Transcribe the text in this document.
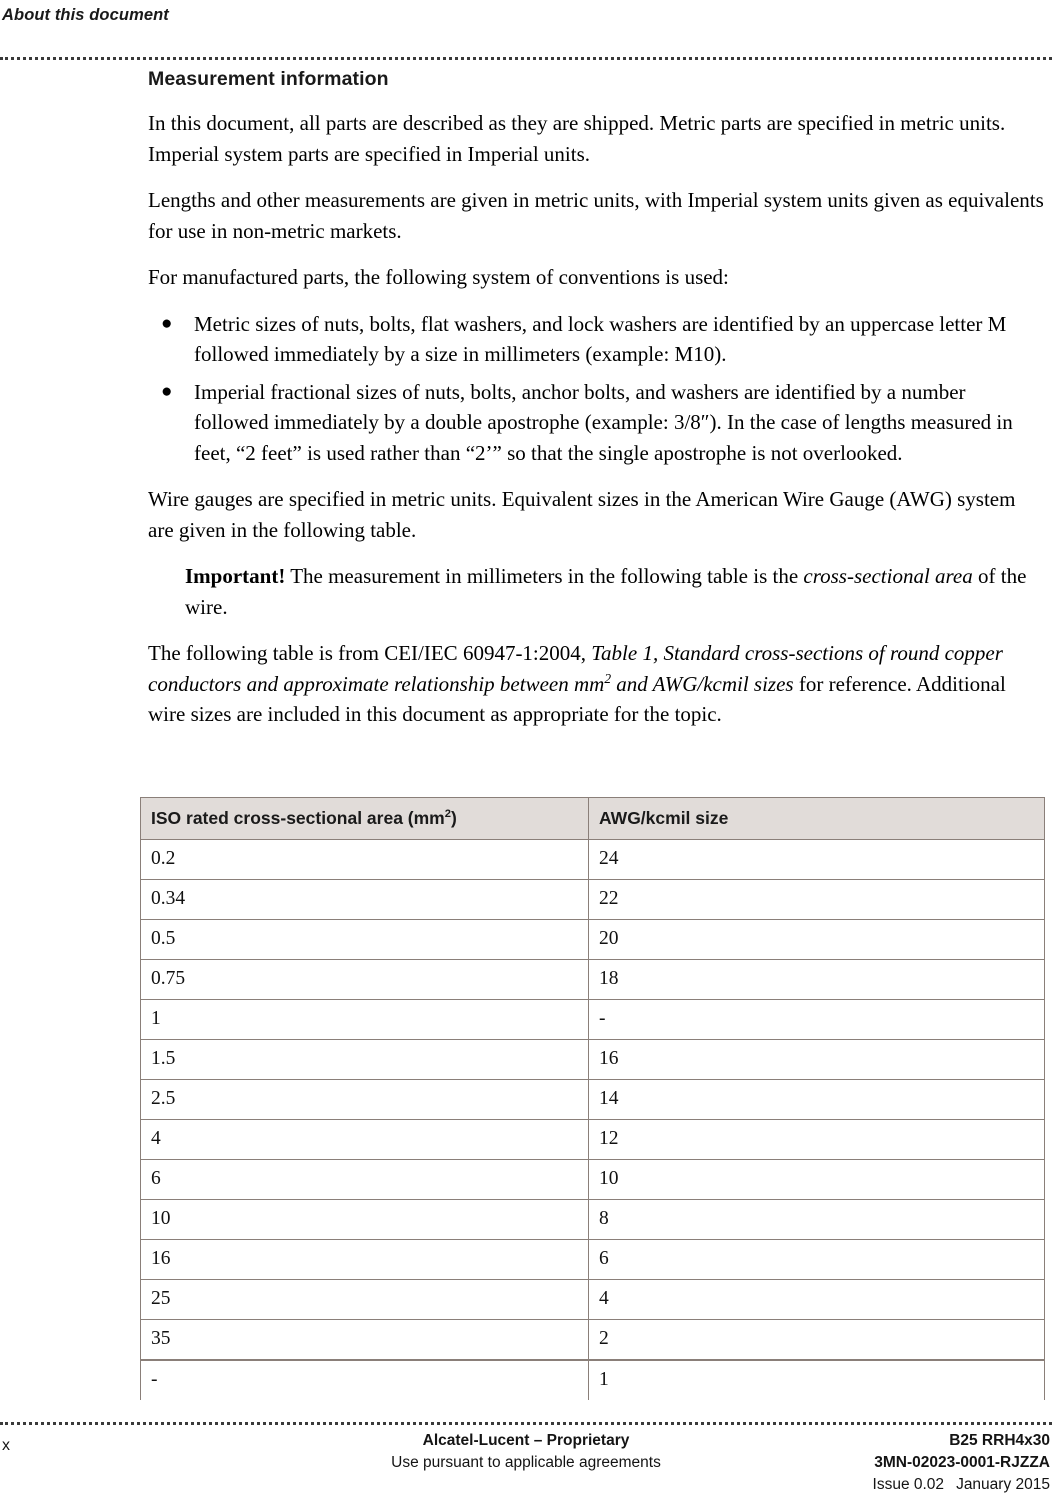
About this document
Measurement information

In this document, all parts are described as they are shipped. Metric parts are specified in metric units. Imperial system parts are specified in Imperial units.

Lengths and other measurements are given in metric units, with Imperial system units given as equivalents for use in non-metric markets.

For manufactured parts, the following system of conventions is used:

● Metric sizes of nuts, bolts, flat washers, and lock washers are identified by an uppercase letter M followed immediately by a size in millimeters (example: M10).
● Imperial fractional sizes of nuts, bolts, anchor bolts, and washers are identified by a number followed immediately by a double apostrophe (example: 3/8″). In the case of lengths measured in feet, “2 feet” is used rather than “2’” so that the single apostrophe is not overlooked.

Wire gauges are specified in metric units. Equivalent sizes in the American Wire Gauge (AWG) system are given in the following table.

Important! The measurement in millimeters in the following table is the cross-sectional area of the wire.

The following table is from CEI/IEC 60947-1:2004, Table 1, Standard cross-sections of round copper conductors and approximate relationship between $mm^2$ and AWG/kcmil sizes for reference. Additional wire sizes are included in this document as appropriate for the topic.

ISO rated cross-sectional area $(mm^2)$	AWG/kcmil size
0.2	24
0.34	22
0.5	20
0.75	18
1	-
1.5	16
2.5	14
4	12
6	10
10	8
16	6
25	4
35	2
-	1
x	Alcatel-Lucent – Proprietary
Use pursuant to applicable agreements
B25 RRH4x30
3MN-02023-0001-RJZZA
Issue 0.02 January 2015
